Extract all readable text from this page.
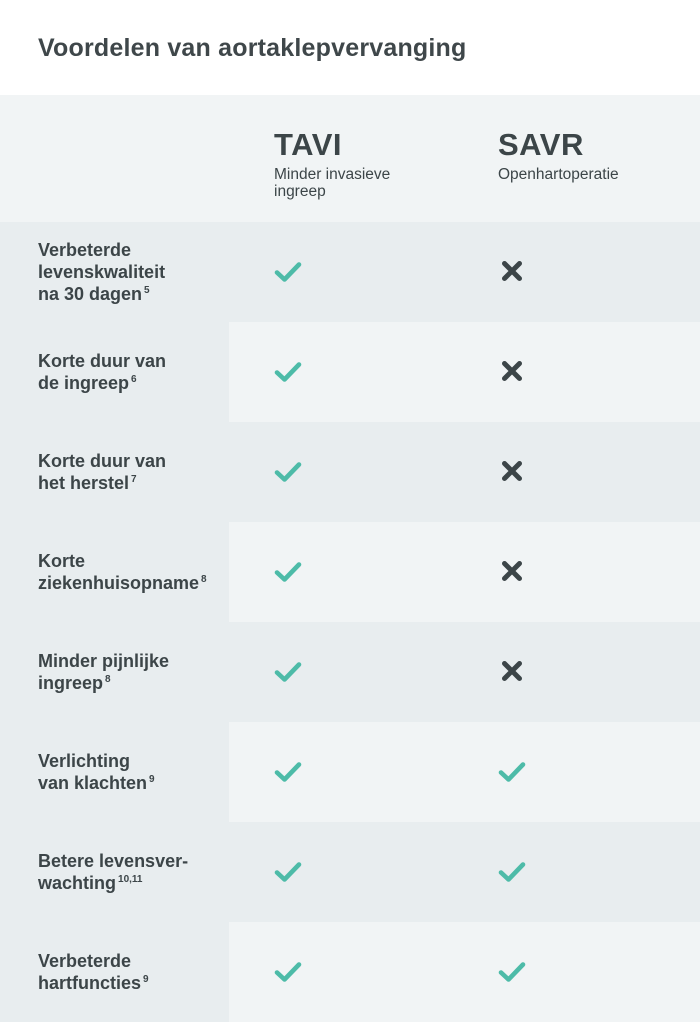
Voordelen van aortaklepvervanging
TAVI
Minder invasieve ingreep
SAVR
Openhartoperatie
Verbeterde
levenskwaliteit
na 30 dagen $^5$
Korte duur van
de ingreep $^6$
Korte duur van
het herstel $^7$
Korte
ziekenhuisopname $^8$
Minder pijnlijke
ingreep $^8$
Verlichting
van klachten $^9$
Betere levensver-
wachting $^{10,11}$
Verbeterde
hartfuncties $^9$
